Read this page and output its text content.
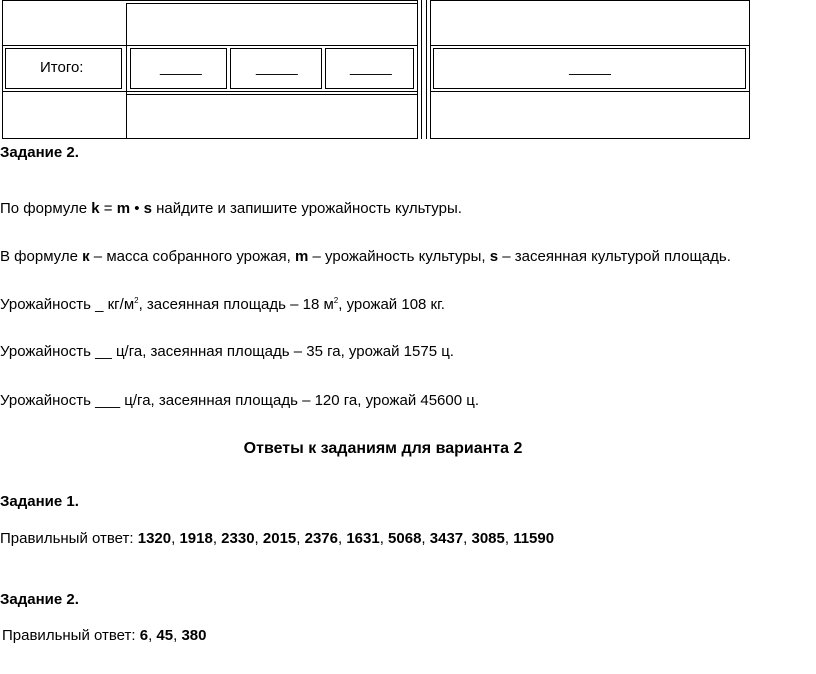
Итого:	_____	_____	_____	_____
Задание 2.
По формуле k = m • s найдите и запишите урожайность культуры.
В формуле к – масса собранного урожая, m – урожайность культуры, s – засеянная культурой площадь.
Урожайность _ $кг/м^2$, засеянная площадь – 18 $м^2$, урожай 108 кг.
Урожайность __ ц/га, засеянная площадь – 35 га, урожай 1575 ц.
Урожайность ___ ц/га, засеянная площадь – 120 га, урожай 45600 ц.
Ответы к заданиям для варианта 2
Задание 1.
Правильный ответ: 1320, 1918, 2330, 2015, 2376, 1631, 5068, 3437, 3085, 11590
Задание 2.
Правильный ответ: 6, 45, 380
